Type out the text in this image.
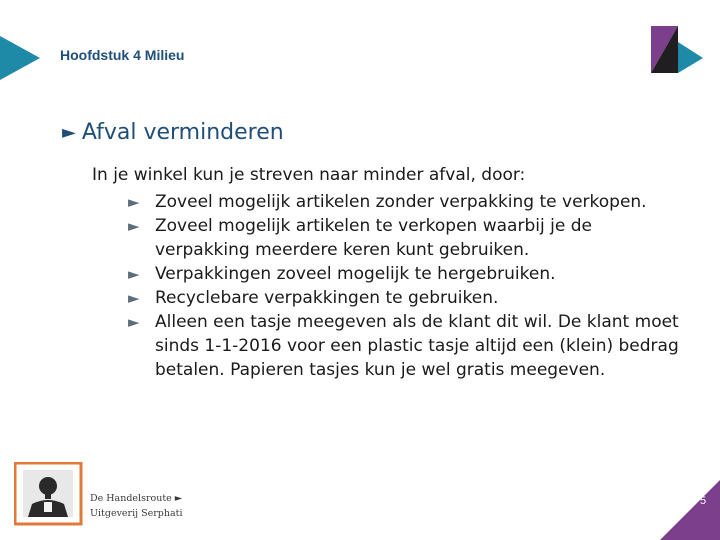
Hoofdstuk 4 Milieu
► Afval verminderen
In je winkel kun je streven naar minder afval, door:
► Zoveel mogelijk artikelen zonder verpakking te verkopen.
► Zoveel mogelijk artikelen te verkopen waarbij je de verpakking meerdere keren kunt gebruiken.
► Verpakkingen zoveel mogelijk te hergebruiken.
► Recyclebare verpakkingen te gebruiken.
► Alleen een tasje meegeven als de klant dit wil. De klant moet sinds 1-1-2016 voor een plastic tasje altijd een (klein) bedrag betalen. Papieren tasjes kun je wel gratis meegeven.
De Handelsroute ►
Uitgeverij Serphati
5
